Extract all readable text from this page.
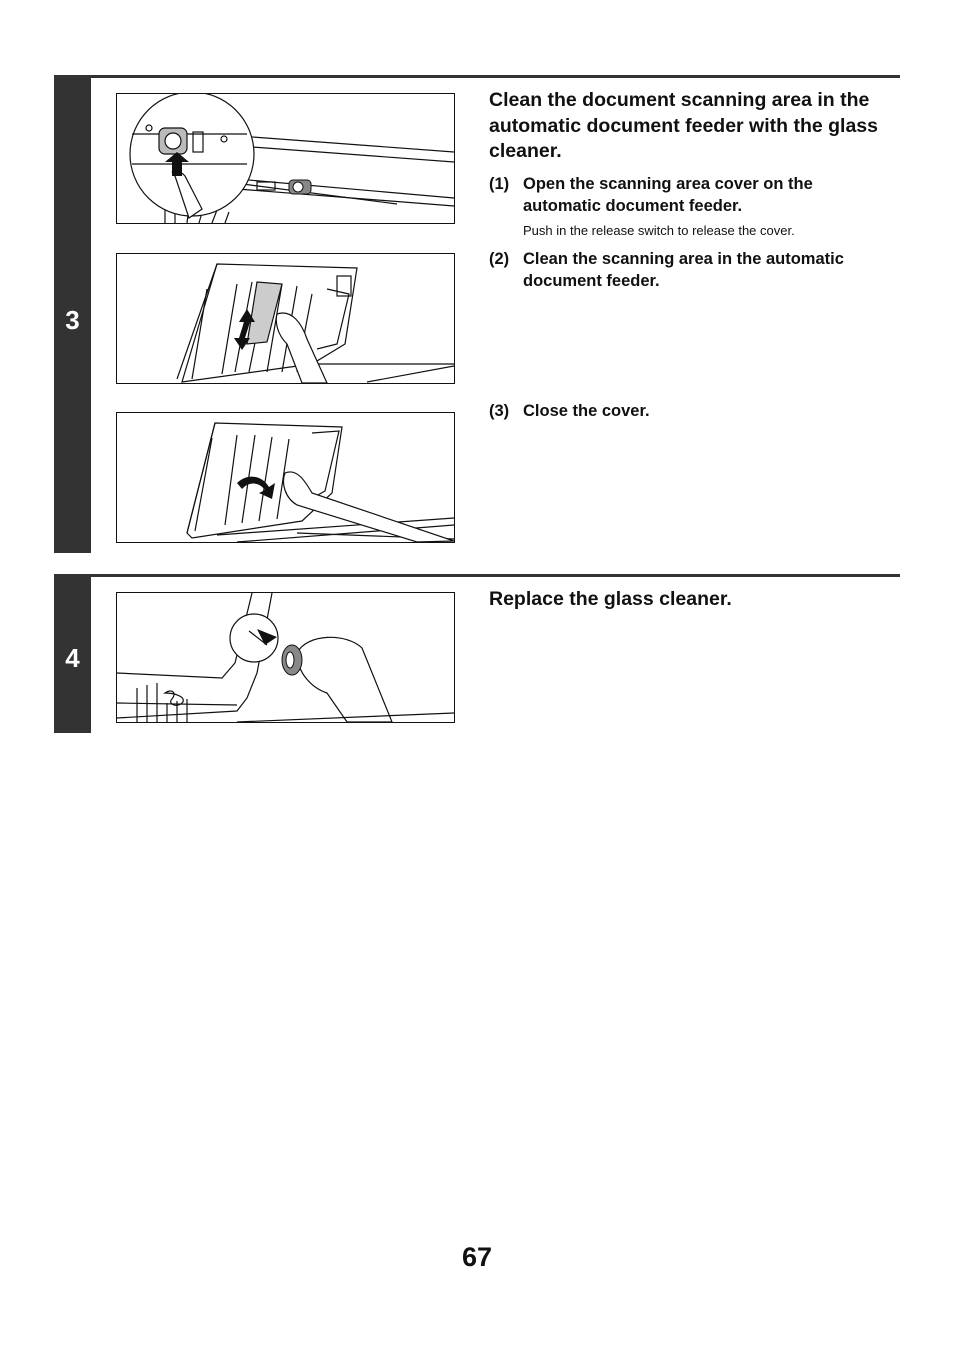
3
Clean the document scanning area in the automatic document feeder with the glass cleaner.
(1) Open the scanning area cover on the automatic document feeder.
Push in the release switch to release the cover.
(2) Clean the scanning area in the automatic document feeder.
(3) Close the cover.
4
Replace the glass cleaner.
67
